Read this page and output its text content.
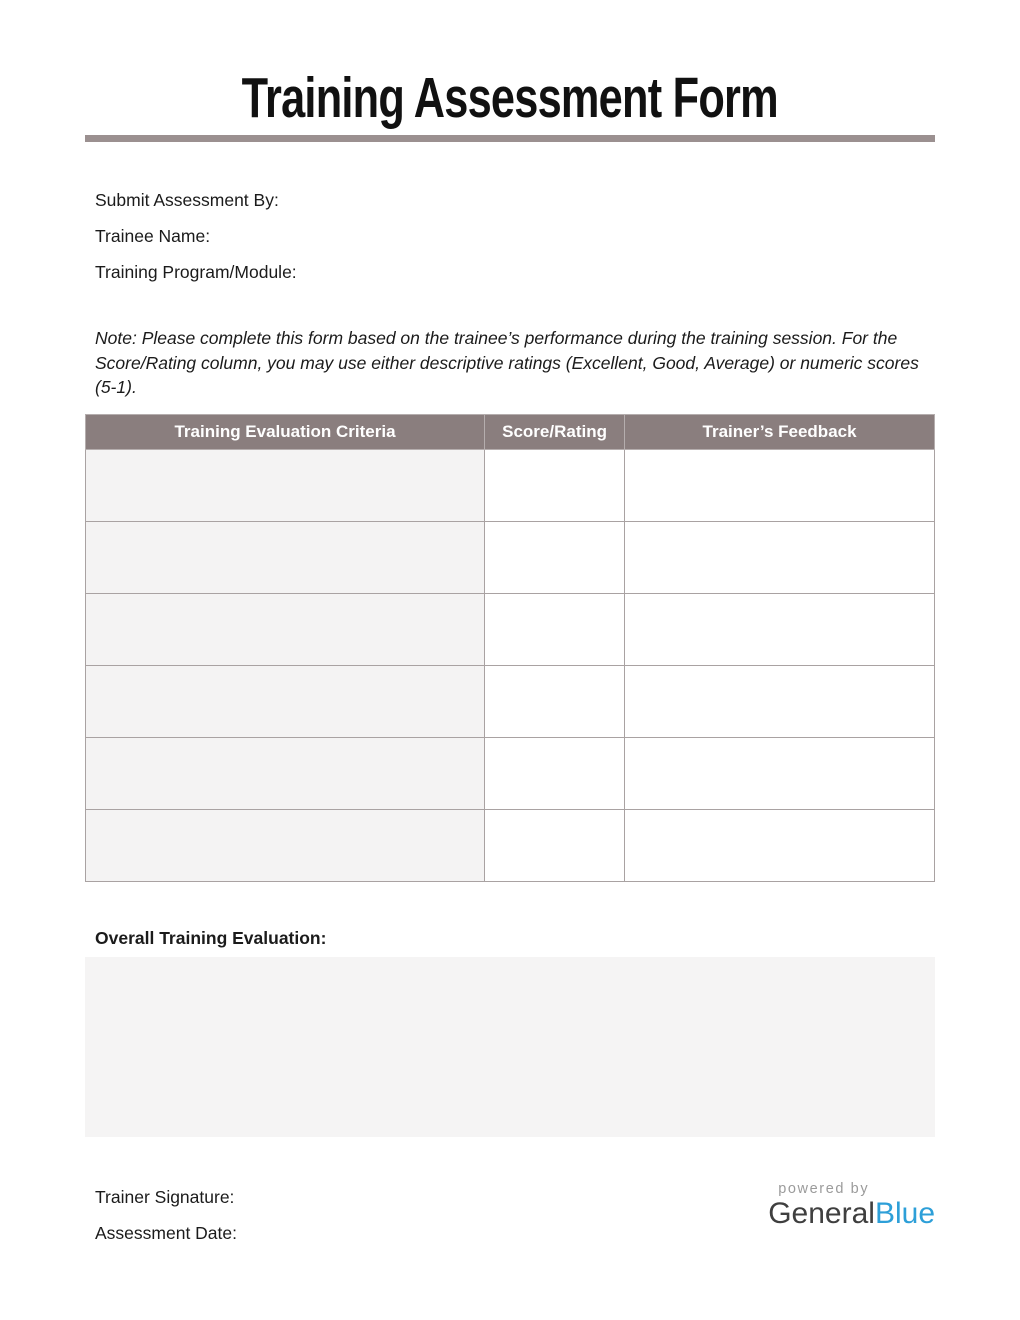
Training Assessment Form
Submit Assessment By:
Trainee Name:
Training Program/Module:
Note: Please complete this form based on the trainee’s performance during the training session. For the Score/Rating column, you may use either descriptive ratings (Excellent, Good, Average) or numeric scores (5-1).
Training Evaluation Criteria	Score/Rating	Trainer’s Feedback

Overall Training Evaluation:
Trainer Signature:
Assessment Date:
powered by
GeneralBlue
